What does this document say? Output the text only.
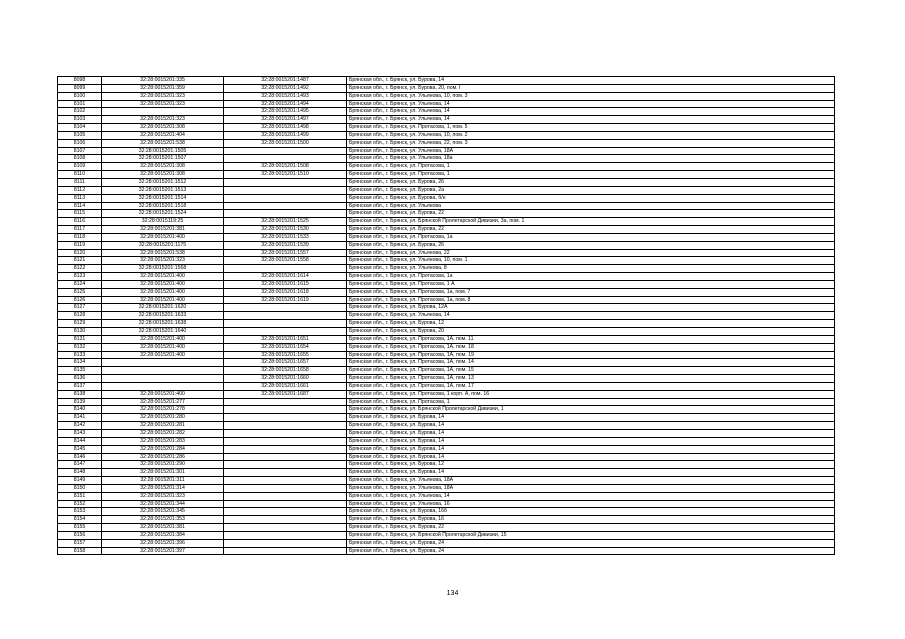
8098	32:28:0015201:335	32:28:0015201:1487	Брянская обл., г. Брянск, ул. Бурова, 14
8099	32:28:0015201:359	32:28:0015201:1492	Брянская обл., г. Брянск, ул. Бурова, 20, пом. I
8100	32:28:0015201:323	32:28:0015201:1493	Брянская обл., г. Брянск, ул. Ульянова, 10, пом. 3
8101	32:28:0015201:323	32:28:0015201:1494	Брянская обл., г. Брянск, ул. Ульянова, 14
8102		32:28:0015201:1495	Брянская обл., г. Брянск, ул. Ульянова, 14
8103	32:28:0015201:323	32:28:0015201:1497	Брянская обл., г. Брянск, ул. Ульянова, 14
8104	32:28:0015201:308	32:28:0015201:1498	Брянская обл., г. Брянск, ул. Протасова, 1, пом. 5
8105	32:28:0015201:404	32:28:0015201:1499	Брянская обл., г. Брянск, ул. Ульянова, 10, пом. 2
8106	32:28:0015201:538	32:28:0015201:1500	Брянская обл., г. Брянск, ул. Ульянова, 22, пом. 3
8107	32:28:0015201:1505		Брянская обл., г. Брянск, ул. Ульянова, 18А
8108	32:28:0015201:1507		Брянская обл., г. Брянск, ул. Ульянова, 18а
8109	32:28:0015201:308	32:28:0015201:1508	Брянская обл., г. Брянск, ул. Протасова, 1
8110	32:28:0015201:308	32:28:0015201:1510	Брянская обл., г. Брянск, ул. Протасова, 1
8111	32:28:0015201:1512		Брянская обл., г. Брянск, ул. Бурова, 26
8112	32:28:0015201:1513		Брянская обл., г. Брянск, ул. Бурова, 2а
8113	32:28:0015201:1514		Брянская обл., г. Брянск, ул. Бурова, б/н
8114	32:28:0015201:1518		Брянская обл., г. Брянск, ул. Ульянова
8115	32:28:0015201:1524		Брянская обл., г. Брянск, ул. Бурова, 22
8116	32:28:0015119:25	32:28:0015201:1525	Брянская обл., г. Брянск, ул. Брянской Пролетарской Дивизии, 3а, пом. 1
8117	32:28:0015201:381	32:28:0015201:1530	Брянская обл., г. Брянск, ул. Бурова, 22
8118	32:28:0015201:400	32:28:0015201:1533	Брянская обл., г. Брянск, ул. Протасова, 1а
8119	32:28:0015201:1175	32:28:0015201:1539	Брянская обл., г. Брянск, ул. Бурова, 26
8120	32:28:0015201:538	32:28:0015201:1557	Брянская обл., г. Брянск, ул. Ульянова, 22
8121	32:28:0015201:323	32:28:0015201:1558	Брянская обл., г. Брянск, ул. Ульянова, 10, пом. 1
8122	32:28:0015201:1568		Брянская обл., г. Брянск, ул. Ульянова, 8
8123	32:28:0015201:400	32:28:0015201:1614	Брянская обл., г. Брянск, ул. Протасова, 1а
8124	32:28:0015201:400	32:28:0015201:1615	Брянская обл., г. Брянск, ул. Протасова, 1 А
8125	32:28:0015201:400	32:28:0015201:1618	Брянская обл., г. Брянск, ул. Протасова, 1а, пом. 7
8126	32:28:0015201:400	32:28:0015201:1619	Брянская обл., г. Брянск, ул. Протасова, 1а, пом. 8
8127	32:28:0015201:1620		Брянская обл., г. Брянск, ул. Бурова, 12А
8128	32:28:0015201:1633		Брянская обл., г. Брянск, ул. Ульянова, 14
8129	32:28:0015201:1638		Брянская обл., г. Брянск, ул. Бурова, 12
8130	32:28:0015201:1640		Брянская обл., г. Брянск, ул. Бурова, 20
8131	32:28:0015201:400	32:28:0015201:1651	Брянская обл., г. Брянск, ул. Протасова, 1А, пом. 11
8132	32:28:0015201:400	32:28:0015201:1654	Брянская обл., г. Брянск, ул. Протасова, 1А, пом. 18
8133	32:28:0015201:400	32:28:0015201:1655	Брянская обл., г. Брянск, ул. Протасова, 1А, пом. 19
8134		32:28:0015201:1657	Брянская обл., г. Брянск, ул. Протасова, 1А, пом. 14
8135		32:28:0015201:1658	Брянская обл., г. Брянск, ул. Протасова, 1А, пом. 15
8136		32:28:0015201:1660	Брянская обл., г. Брянск, ул. Протасова, 1А, пом. 13
8137		32:28:0015201:1661	Брянская обл., г. Брянск, ул. Протасова, 1А, пом. 17
8138	32:28:0015201:400	32:28:0015201:1687	Брянская обл., г. Брянск, ул. Протасова, 1 корп. А, пом. 16
8139	32:28:0015201:277		Брянская обл., г. Брянск, ул. Протасова, 1
8140	32:28:0015201:278		Брянская обл., г. Брянск, ул. Брянской Пролетарской Дивизии, 1
8141	32:28:0015201:280		Брянская обл., г. Брянск, ул. Бурова, 14
8142	32:28:0015201:281		Брянская обл., г. Брянск, ул. Бурова, 14
8143	32:28:0015201:282		Брянская обл., г. Брянск, ул. Бурова, 14
8144	32:28:0015201:283		Брянская обл., г. Брянск, ул. Бурова, 14
8145	32:28:0015201:284		Брянская обл., г. Брянск, ул. Бурова, 14
8146	32:28:0015201:286		Брянская обл., г. Брянск, ул. Бурова, 14
8147	32:28:0015201:290		Брянская обл., г. Брянск, ул. Бурова, 12
8148	32:28:0015201:301		Брянская обл., г. Брянск, ул. Бурова, 14
8149	32:28:0015201:311		Брянская обл., г. Брянск, ул. Ульянова, 18А
8150	32:28:0015201:314		Брянская обл., г. Брянск, ул. Ульянова, 18А
8151	32:28:0015201:323		Брянская обл., г. Брянск, ул. Ульянова, 14
8152	32:28:0015201:344		Брянская обл., г. Брянск, ул. Ульянова, 16
8153	32:28:0015201:345		Брянская обл., г. Брянск, ул. Бурова, 16б
8154	32:28:0015201:353		Брянская обл., г. Брянск, ул. Бурова, 16
8155	32:28:0015201:381		Брянская обл., г. Брянск, ул. Бурова, 22
8156	32:28:0015201:384		Брянская обл., г. Брянск, ул. Брянской Пролетарской Дивизии, 15
8157	32:28:0015201:396		Брянская обл., г. Брянск, ул. Бурова, 24
8158	32:28:0015201:397		Брянская обл., г. Брянск, ул. Бурова, 24
134
